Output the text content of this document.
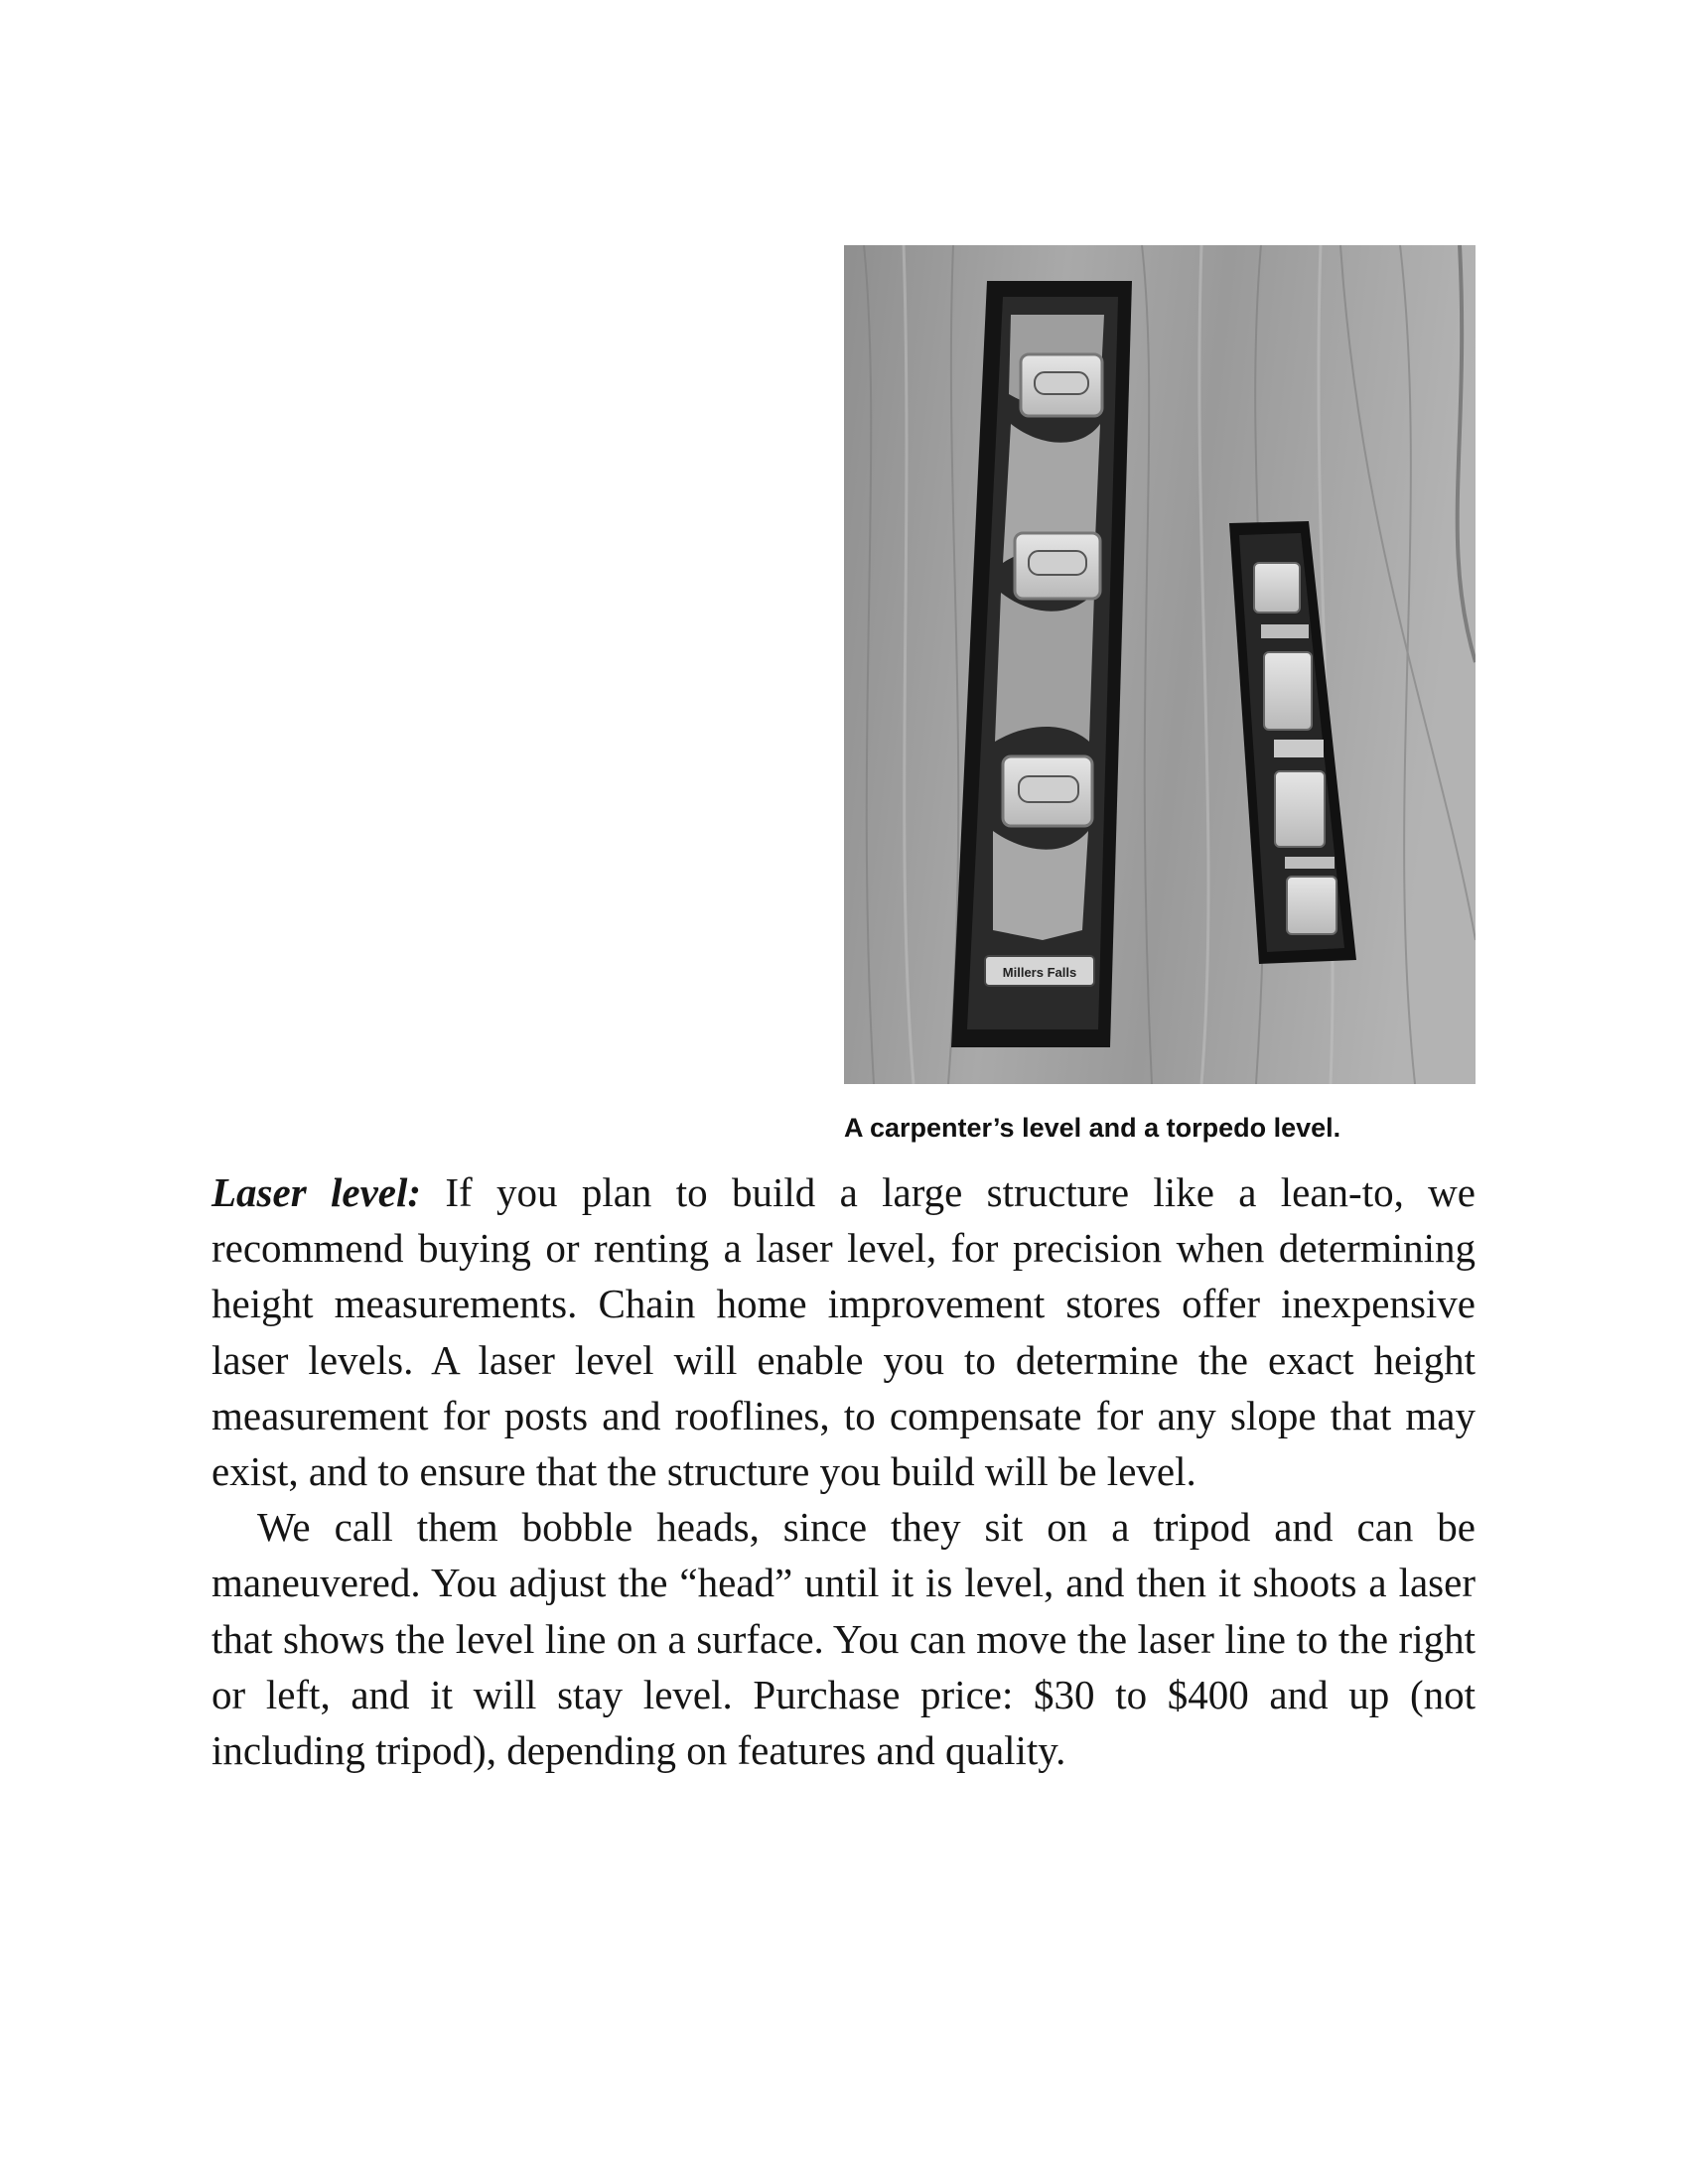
Millers Falls
A carpenter’s level and a torpedo level.

Laser level: If you plan to build a large structure like a lean-to, we recommend buying or renting a laser level, for precision when determining height measurements. Chain home improvement stores offer inexpensive laser levels. A laser level will enable you to determine the exact height measurement for posts and rooflines, to compensate for any slope that may exist, and to ensure that the structure you build will be level.

We call them bobble heads, since they sit on a tripod and can be maneuvered. You adjust the “head” until it is level, and then it shoots a laser that shows the level line on a surface. You can move the laser line to the right or left, and it will stay level. Purchase price: $30 to $400 and up (not including tripod), depending on features and quality.
